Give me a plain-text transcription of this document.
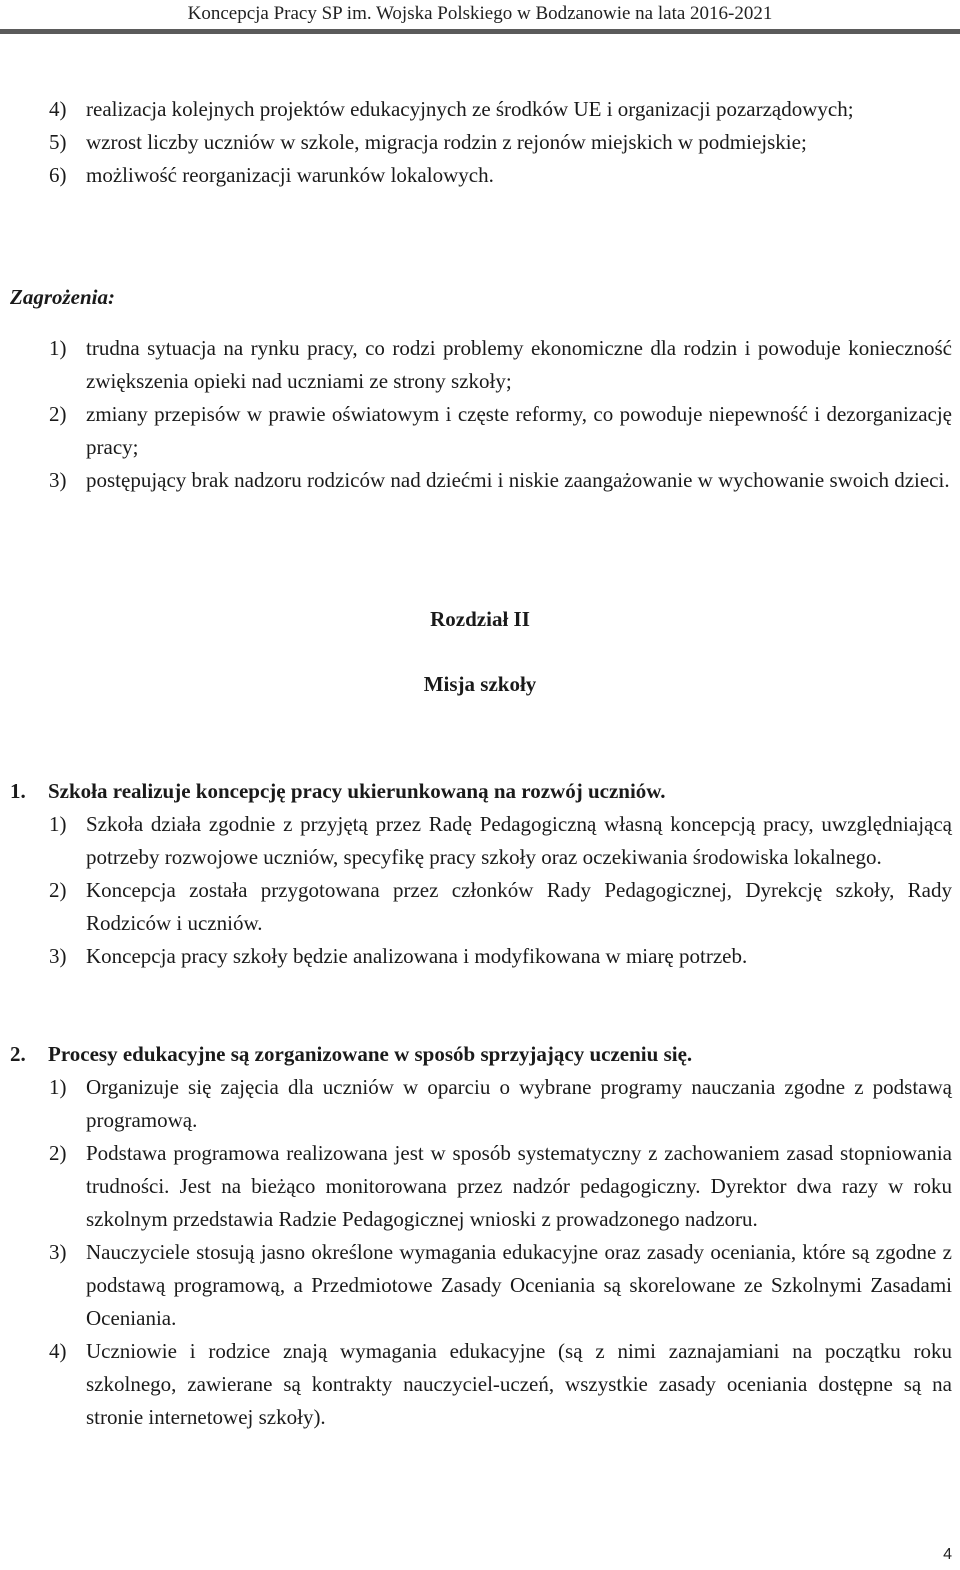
Koncepcja Pracy SP im. Wojska Polskiego w Bodzanowie na lata 2016-2021
4) realizacja kolejnych projektów edukacyjnych ze środków UE i organizacji pozarządowych;
5) wzrost liczby uczniów w szkole, migracja rodzin z rejonów miejskich w podmiejskie;
6) możliwość reorganizacji warunków lokalowych.
Zagrożenia:
1) trudna sytuacja na rynku pracy, co rodzi problemy ekonomiczne dla rodzin i powoduje konieczność zwiększenia opieki nad uczniami ze strony szkoły;
2) zmiany przepisów w prawie oświatowym i częste reformy, co powoduje niepewność i dezorganizację pracy;
3) postępujący brak nadzoru rodziców nad dziećmi i niskie zaangażowanie w wychowanie swoich dzieci.
Rozdział II
Misja szkoły
1. Szkoła realizuje koncepcję pracy ukierunkowaną na rozwój uczniów.
1) Szkoła działa zgodnie z przyjętą przez Radę Pedagogiczną własną koncepcją pracy, uwzględniającą potrzeby rozwojowe uczniów, specyfikę pracy szkoły oraz oczekiwania środowiska lokalnego.
2) Koncepcja została przygotowana przez członków Rady Pedagogicznej, Dyrekcję szkoły, Rady Rodziców i uczniów.
3) Koncepcja pracy szkoły będzie analizowana i modyfikowana w miarę potrzeb.
2. Procesy edukacyjne są zorganizowane w sposób sprzyjający uczeniu się.
1) Organizuje się zajęcia dla uczniów w oparciu o wybrane programy nauczania zgodne z podstawą programową.
2) Podstawa programowa realizowana jest w sposób systematyczny z zachowaniem zasad stopniowania trudności. Jest na bieżąco monitorowana przez nadzór pedagogiczny. Dyrektor dwa razy w roku szkolnym przedstawia Radzie Pedagogicznej wnioski z prowadzonego nadzoru.
3) Nauczyciele stosują jasno określone wymagania edukacyjne oraz zasady oceniania, które są zgodne z podstawą programową, a Przedmiotowe Zasady Oceniania są skorelowane ze Szkolnymi Zasadami Oceniania.
4) Uczniowie i rodzice znają wymagania edukacyjne (są z nimi zaznajamiani na początku roku szkolnego, zawierane są kontrakty nauczyciel-uczeń, wszystkie zasady oceniania dostępne są na stronie internetowej szkoły).
4
